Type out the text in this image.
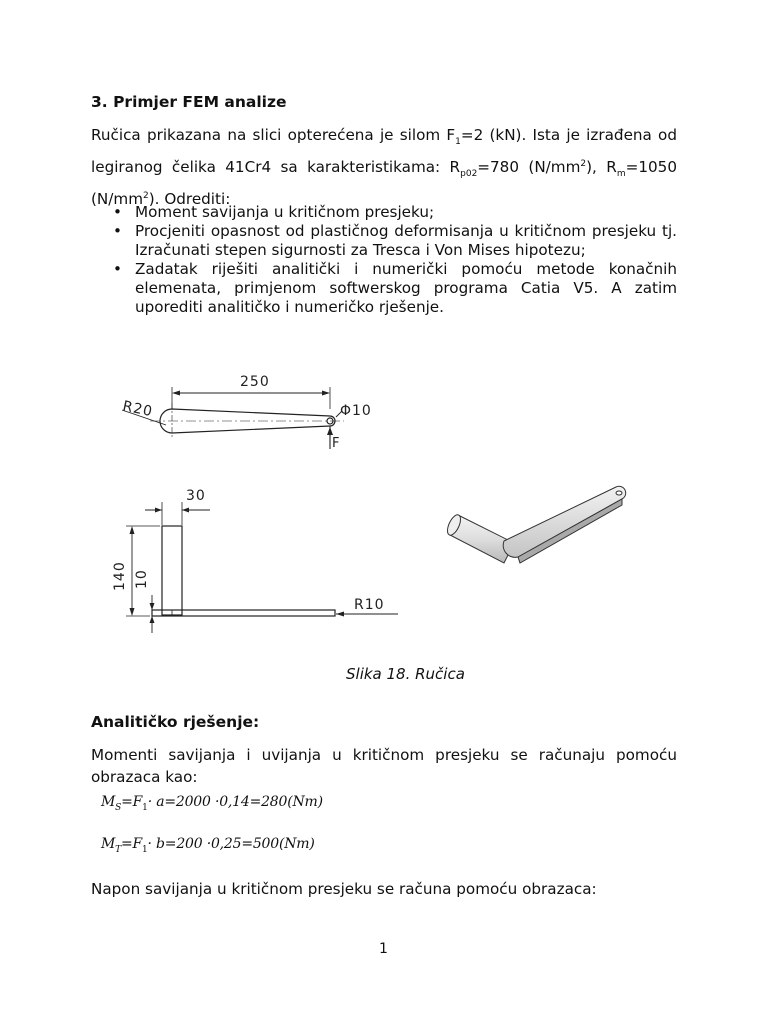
3. Primjer FEM analize
Ručica prikazana na slici opterećena je silom $F_1=2$ (kN). Ista je izrađena od
legiranog čelika 41Cr4 sa karakteristikama: $R_{p02}=780$ $(N/mm^2)$, $R_m=1050$
$(N/mm^2)$. Odrediti:
• Moment savijanja u kritičnom presjeku;
• Procjeniti opasnost od plastičnog deformisanja u kritičnom presjeku tj.
Izračunati stepen sigurnosti za Tresca i Von Mises hipotezu;
• Zadatak riješiti analitički i numerički pomoću metode konačnih
elemenata, primjenom softwerskog programa Catia V5. A zatim
uporediti analitičko i numeričko rješenje.
250
R20	Φ10
F
30
140 10
R10
Slika 18. Ručica
Analitičko rješenje:
Momenti savijanja i uvijanja u kritičnom presjeku se računaju pomoću
obrazaca kao:
$M_S=F_1\cdot a=2000 \cdot 0,14=280(Nm)$
$M_T=F_1\cdot b=200 \cdot 0,25=500(Nm)$
Napon savijanja u kritičnom presjeku se računa pomoću obrazaca:
1
